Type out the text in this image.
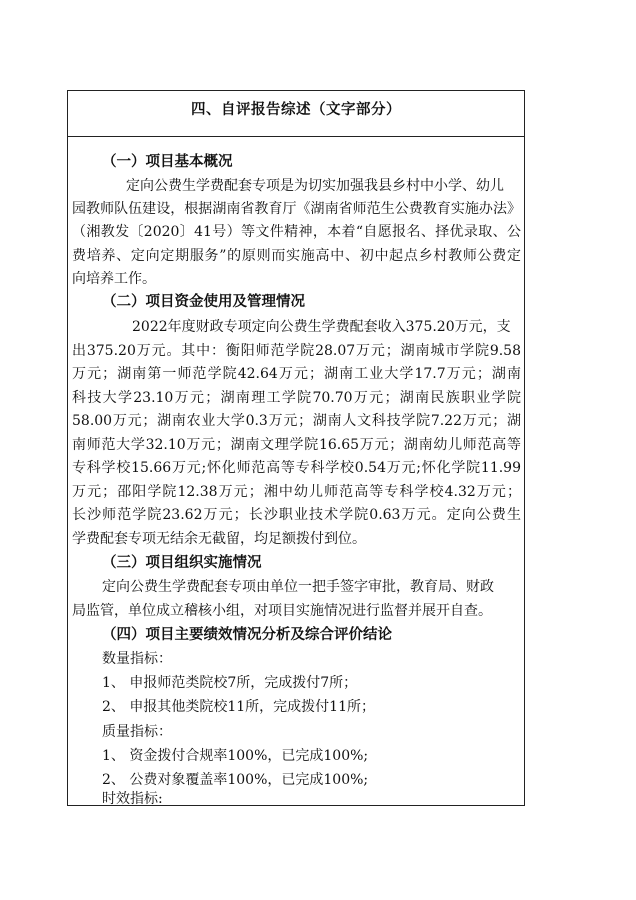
四、自评报告综述（文字部分）
（一）项目基本概况
定向公费生学费配套专项是为切实加强我县乡村中小学、幼儿
园教师队伍建设，根据湖南省教育厅《湖南省师范生公费教育实施办法》
（湘教发〔2020〕41号）等文件精神，本着“自愿报名、择优录取、公
费培养、定向定期服务”的原则而实施高中、初中起点乡村教师公费定
向培养工作。
（二）项目资金使用及管理情况
2022年度财政专项定向公费生学费配套收入375.20万元，支
出375.20万元。其中：衡阳师范学院28.07万元；湖南城市学院9.58
万元；湖南第一师范学院42.64万元；湖南工业大学17.7万元；湖南
科技大学23.10万元；湖南理工学院70.70万元；湖南民族职业学院
58.00万元；湖南农业大学0.3万元；湖南人文科技学院7.22万元；湖
南师范大学32.10万元；湖南文理学院16.65万元；湖南幼儿师范高等
专科学校15.66万元;怀化师范高等专科学校0.54万元;怀化学院11.99
万元；邵阳学院12.38万元；湘中幼儿师范高等专科学校4.32万元；
长沙师范学院23.62万元；长沙职业技术学院0.63万元。定向公费生
学费配套专项无结余无截留，均足额拨付到位。
（三）项目组织实施情况
定向公费生学费配套专项由单位一把手签字审批，教育局、财政
局监管，单位成立稽核小组，对项目实施情况进行监督并展开自查。
（四）项目主要绩效情况分析及综合评价结论
数量指标：
1、 申报师范类院校7所，完成拨付7所；
2、 申报其他类院校11所，完成拨付11所；
质量指标：
1、 资金拨付合规率100%，已完成100%;
2、 公费对象覆盖率100%，已完成100%;
时效指标:
